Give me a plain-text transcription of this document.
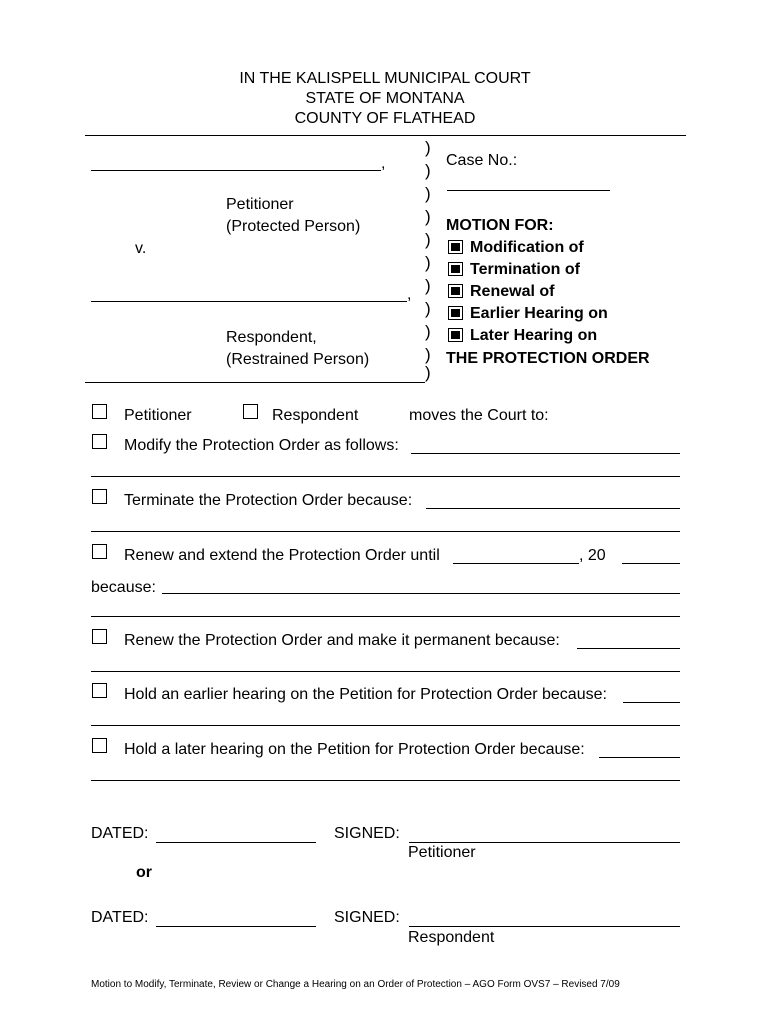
IN THE KALISPELL MUNICIPAL COURT
STATE OF MONTANA
COUNTY OF FLATHEAD
,
Petitioner
(Protected Person)
v.
,
Respondent,
(Restrained Person)
)
)
)
)
)
)
)
)
)
)
)
Case No.:
MOTION FOR:
Modification of
Termination of
Renewal of
Earlier Hearing on
Later Hearing on
THE PROTECTION ORDER
Petitioner	Respondent	moves the Court to:
Modify the Protection Order as follows:
Terminate the Protection Order because:
Renew and extend the Protection Order until	, 20
because:
Renew the Protection Order and make it permanent because:
Hold an earlier hearing on the Petition for Protection Order because:
Hold a later hearing on the Petition for Protection Order because:
DATED:	SIGNED:
Petitioner
or
DATED:	SIGNED:
Respondent
Motion to Modify, Terminate, Review or Change a Hearing on an Order of Protection – AGO Form OVS7 – Revised 7/09
